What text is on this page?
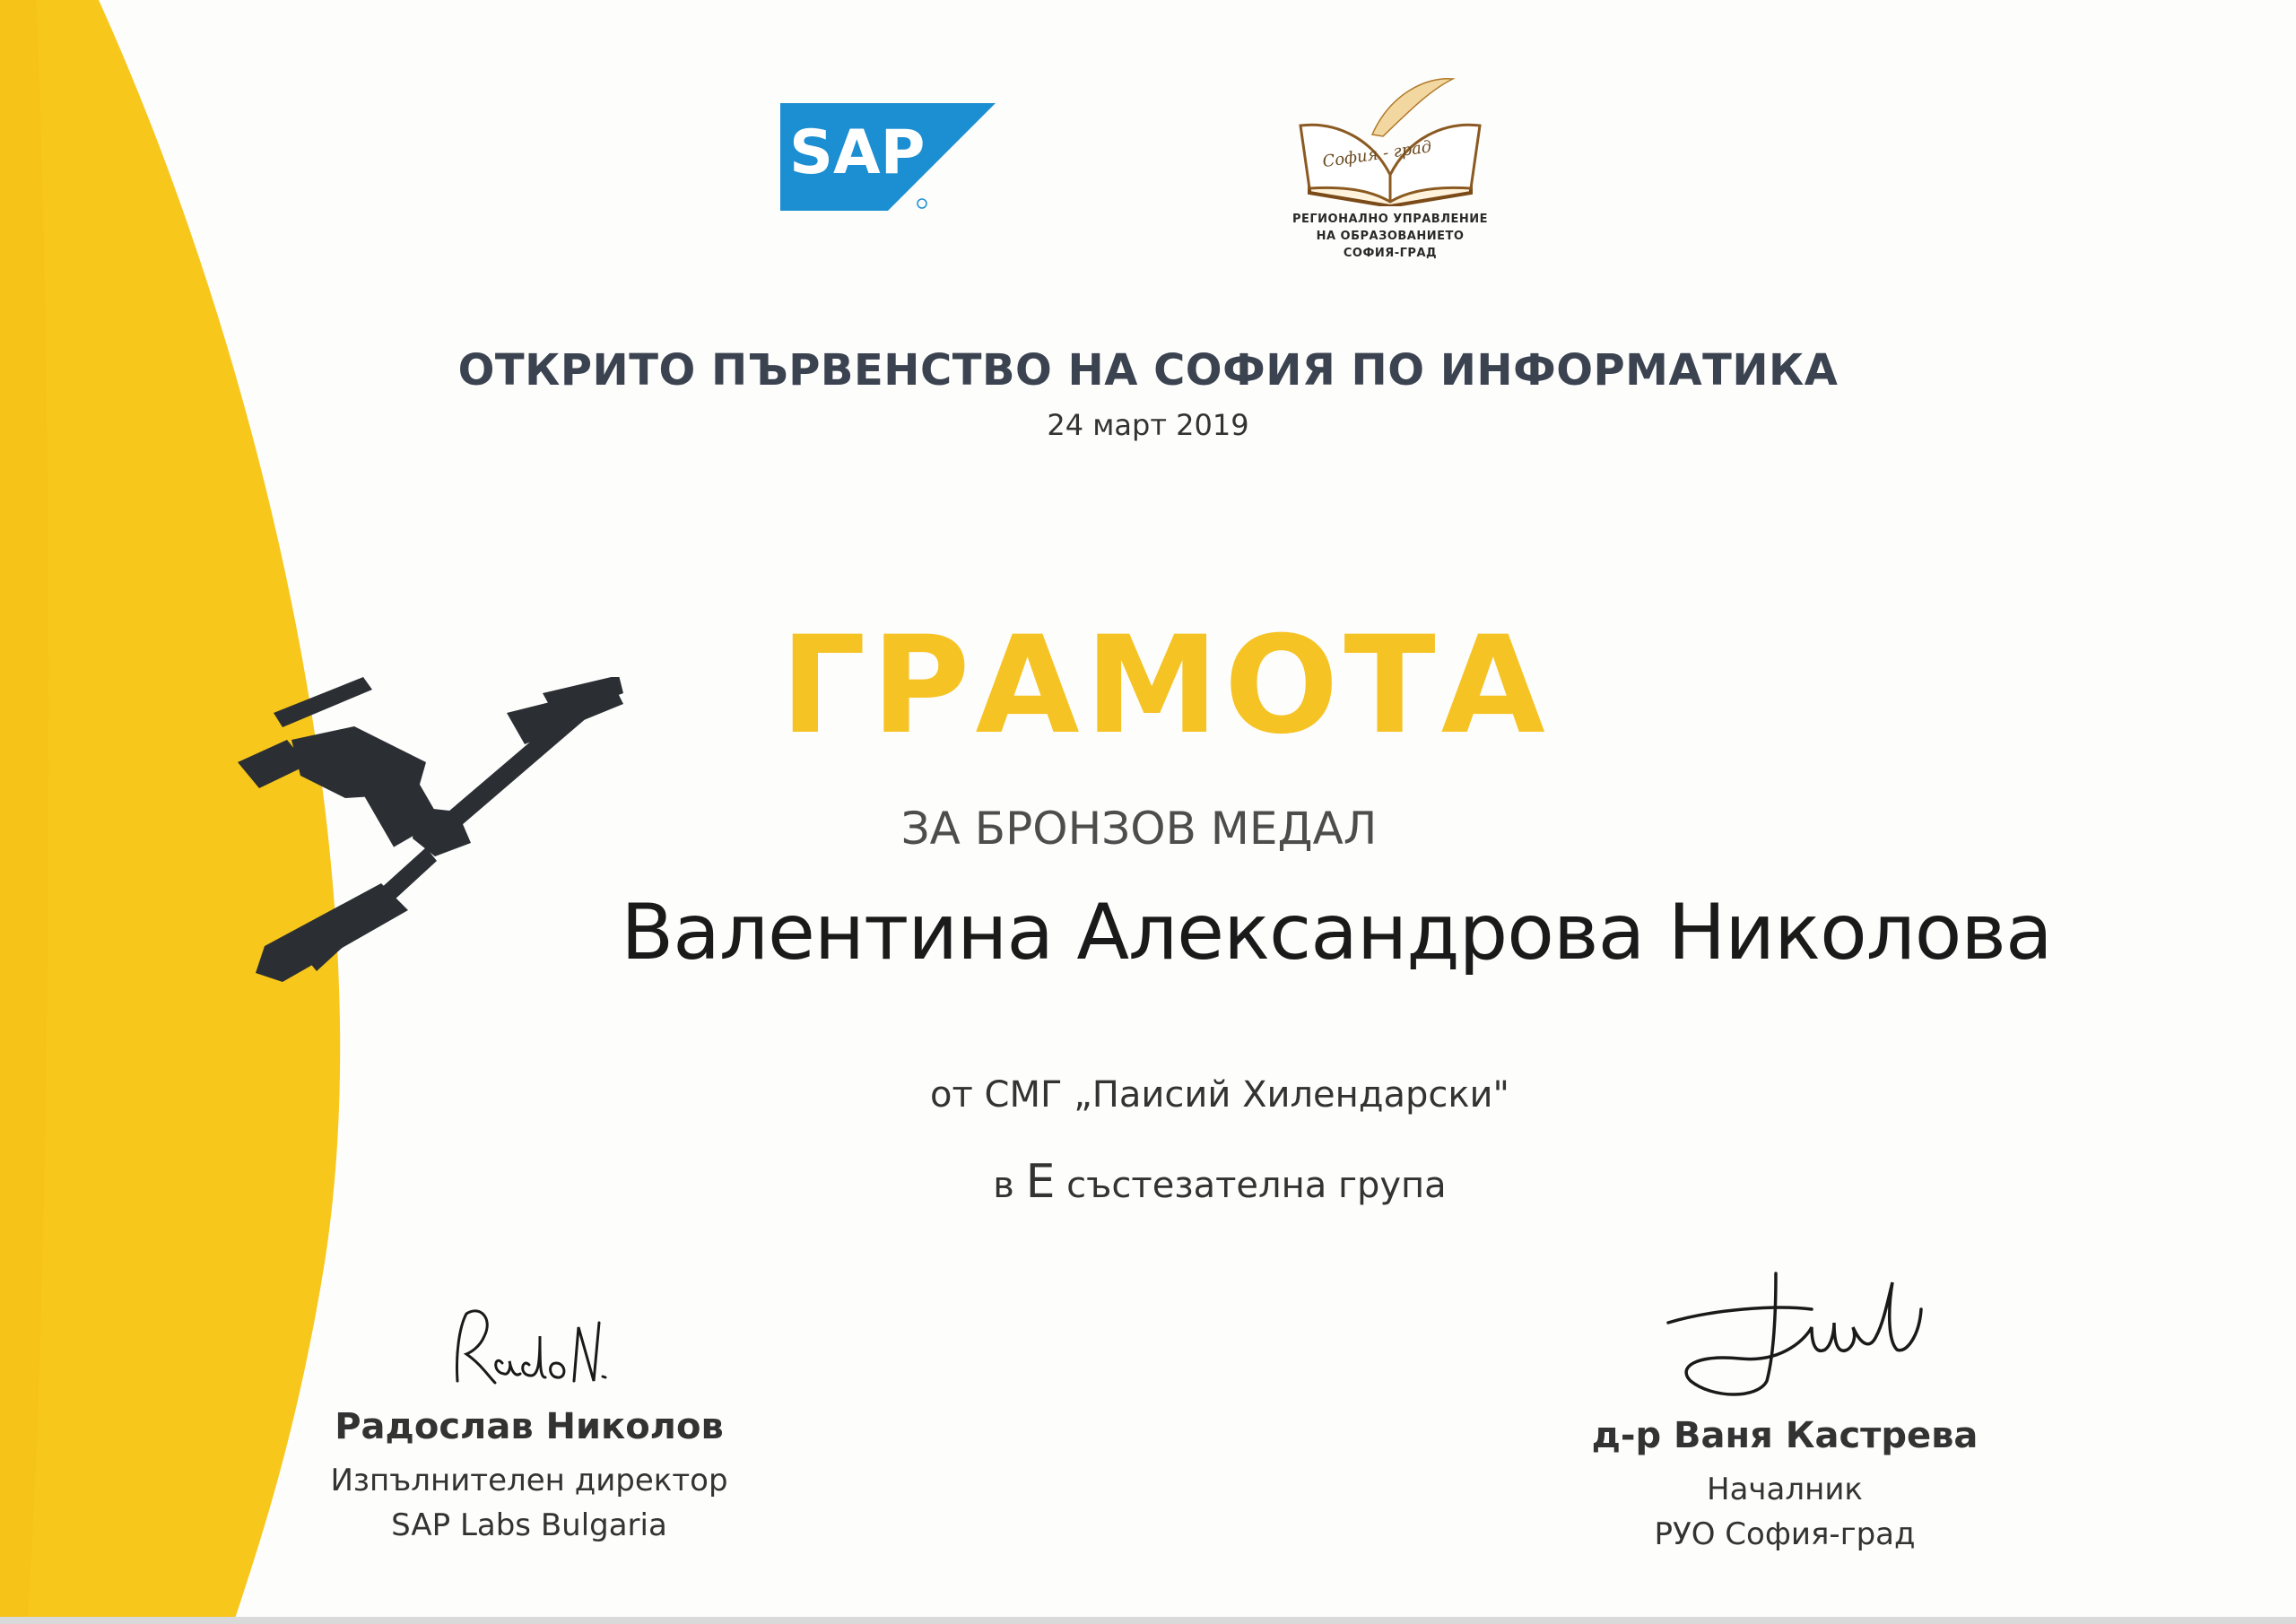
SAP	София - град
РЕГИОНАЛНО УПРАВЛЕНИЕ
НА ОБРАЗОВАНИЕТО
СОФИЯ-ГРАД
ОТКРИТО ПЪРВЕНСТВО НА СОФИЯ ПО ИНФОРМАТИКА
24 март 2019
ГРАМОТА
ЗА БРОНЗОВ МЕДАЛ
Валентина Александрова Николова
от СМГ „Паисий Хилендарски"
в Е състезателна група
Радослав Николов
Изпълнителен директор
SAP Labs Bulgaria
д-р Ваня Кастрева
Началник
РУО София-град
